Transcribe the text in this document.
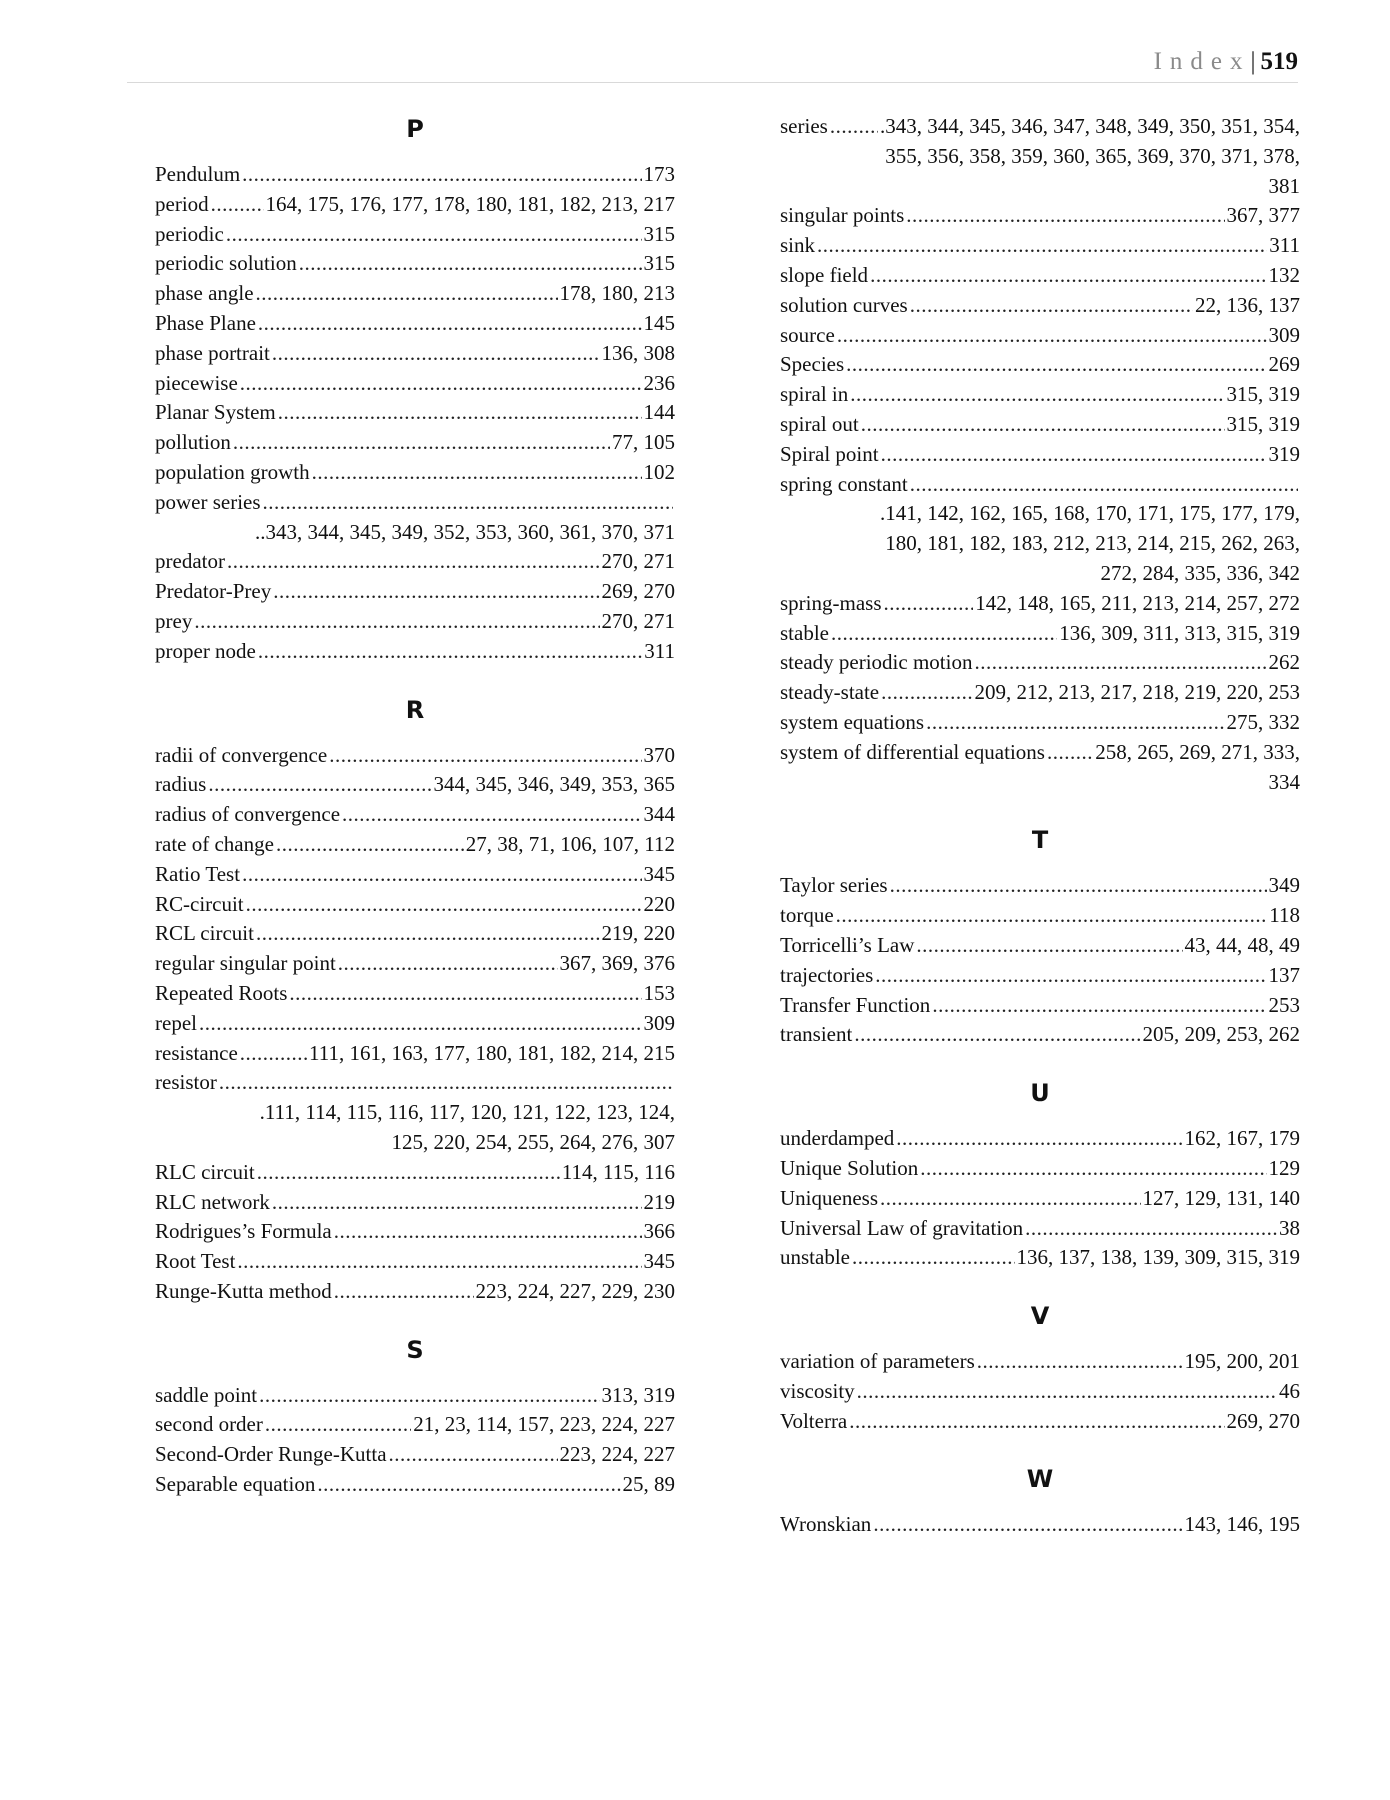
Index| 519
P
Pendulum .....	173
period .....	164, 175, 176, 177, 178, 180, 181, 182, 213, 217
periodic .....	315
periodic solution .....	315
phase angle .....	178, 180, 213
Phase Plane .....	145
phase portrait .....	136, 308
piecewise .....	236
Planar System .....	144
pollution .....	77, 105
population growth .....	102
power series
.....
..343, 344, 345, 349, 352, 353, 360, 361, 370, 371
predator .....	270, 271
Predator-Prey .....	269, 270
prey .....	270, 271
proper node .....	311
R
radii of convergence .....	370
radius .....	344, 345, 346, 349, 353, 365
radius of convergence .....	344
rate of change .....	27, 38, 71, 106, 107, 112
Ratio Test .....	345
RC-circuit .....	220
RCL circuit .....	219, 220
regular singular point .....	367, 369, 376
Repeated Roots .....	153
repel .....	309
resistance .....	111, 161, 163, 177, 180, 181, 182, 214, 215
resistor
.....
.111, 114, 115, 116, 117, 120, 121, 122, 123, 124,
125, 220, 254, 255, 264, 276, 307
RLC circuit .....	114, 115, 116
RLC network .....	219
Rodrigues’s Formula .....	366
Root Test .....	345
Runge-Kutta method .....	223, 224, 227, 229, 230
S
saddle point .....	313, 319
second order .....	21, 23, 114, 157, 223, 224, 227
Second-Order Runge-Kutta .....	223, 224, 227
Separable equation .....	25, 89
series ..... .343, 344, 345, 346, 347, 348, 349, 350, 351, 354,
355, 356, 358, 359, 360, 365, 369, 370, 371, 378,
381
singular points .....	367, 377
sink .....	311
slope field .....	132
solution curves .....	22, 136, 137
source .....	309
Species .....	269
spiral in .....	315, 319
spiral out .....	315, 319
Spiral point .....	319
spring constant
.....
.141, 142, 162, 165, 168, 170, 171, 175, 177, 179,
180, 181, 182, 183, 212, 213, 214, 215, 262, 263,
272, 284, 335, 336, 342
spring-mass .....	142, 148, 165, 211, 213, 214, 257, 272
stable .....	136, 309, 311, 313, 315, 319
steady periodic motion .....	262
steady-state .....	209, 212, 213, 217, 218, 219, 220, 253
system equations .....	275, 332
system of differential equations ..... 258, 265, 269, 271, 333,
334
T
Taylor series .....	349
torque .....	118
Torricelli’s Law .....	43, 44, 48, 49
trajectories .....	137
Transfer Function .....	253
transient .....	205, 209, 253, 262
U
underdamped .....	162, 167, 179
Unique Solution .....	129
Uniqueness .....	127, 129, 131, 140
Universal Law of gravitation .....	38
unstable .....	136, 137, 138, 139, 309, 315, 319
V
variation of parameters .....	195, 200, 201
viscosity .....	46
Volterra .....	269, 270
W
Wronskian .....	143, 146, 195
